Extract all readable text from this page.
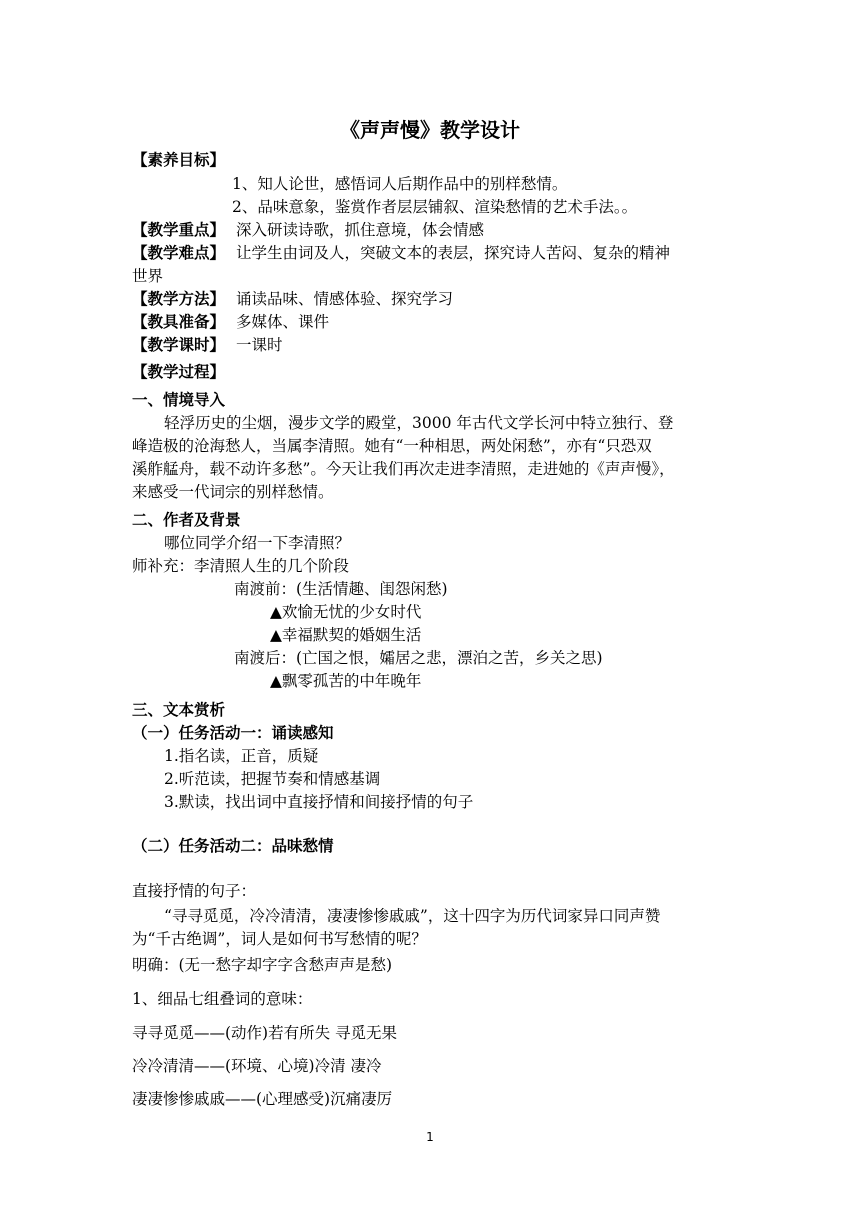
《声声慢》教学设计
【素养目标】
1、知人论世，感悟词人后期作品中的别样愁情。
2、品味意象，鉴赏作者层层铺叙、渲染愁情的艺术手法。。
【教学重点】 深入研读诗歌，抓住意境，体会情感
【教学难点】 让学生由词及人，突破文本的表层，探究诗人苦闷、复杂的精神
世界
【教学方法】 诵读品味、情感体验、探究学习
【教具准备】 多媒体、课件
【教学课时】 一课时
【教学过程】
一、情境导入
轻浮历史的尘烟，漫步文学的殿堂，3000 年古代文学长河中特立独行、登
峰造极的沧海愁人，当属李清照。她有“一种相思，两处闲愁”，亦有“只恐双
溪舴艋舟，载不动许多愁”。今天让我们再次走进李清照，走进她的《声声慢》，
来感受一代词宗的别样愁情。
二、作者及背景
哪位同学介绍一下李清照？
师补充：李清照人生的几个阶段
南渡前：(生活情趣、闺怨闲愁)
▲欢愉无忧的少女时代
▲幸福默契的婚姻生活
南渡后：(亡国之恨，孀居之悲，漂泊之苦，乡关之思)
▲飘零孤苦的中年晚年
三、文本赏析
（一）任务活动一：诵读感知
1.指名读，正音，质疑
2.听范读，把握节奏和情感基调
3.默读，找出词中直接抒情和间接抒情的句子
（二）任务活动二：品味愁情
直接抒情的句子：
“寻寻觅觅，冷冷清清，凄凄惨惨戚戚”，这十四字为历代词家异口同声赞
为“千古绝调”，词人是如何书写愁情的呢？
明确：(无一愁字却字字含愁声声是愁)
1、细品七组叠词的意味：
寻寻觅觅——(动作)若有所失 寻觅无果
冷冷清清——(环境、心境)冷清 凄冷
凄凄惨惨戚戚——(心理感受)沉痛凄厉
1
